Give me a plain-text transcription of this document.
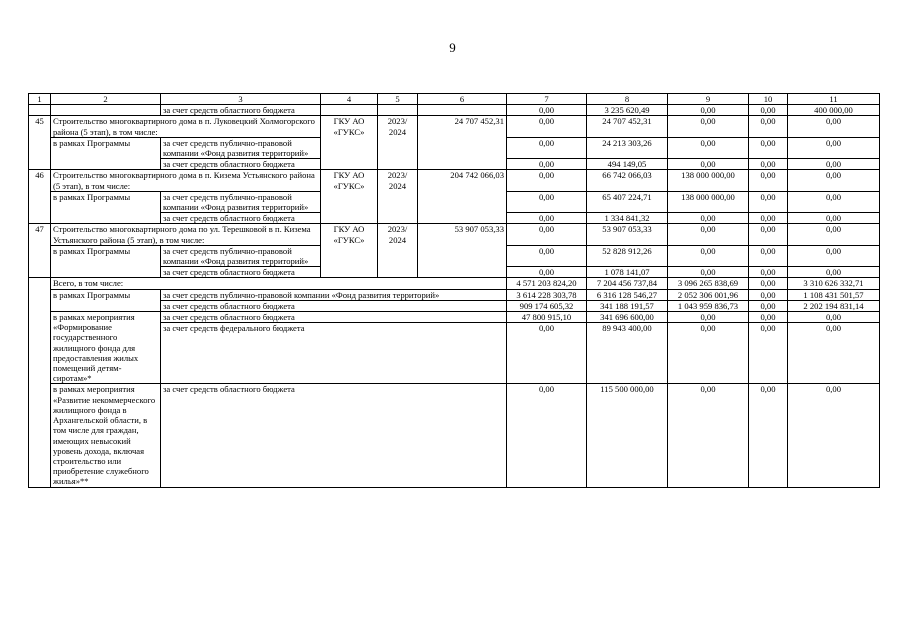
9
1	2	3	4	5	6	7	8	9	10	11
		за счет средств областного бюджета				0,00	3 235 620,49	0,00	0,00	400 000,00
45	Строительство многоквартирного дома в п. Луковецкий Холмогорского района (5 этап), в том числе:		ГКУ АО «ГУКС»	2023/ 2024	24 707 452,31	0,00	24 707 452,31	0,00	0,00	0,00
	в рамках Программы	за счет средств публично-правовой компании «Фонд развития территорий»				0,00	24 213 303,26	0,00	0,00	0,00
		за счет средств областного бюджета				0,00	494 149,05	0,00	0,00	0,00
46	Строительство многоквартирного дома в п. Кизема Устьянского района (5 этап), в том числе:		ГКУ АО «ГУКС»	2023/ 2024	204 742 066,03	0,00	66 742 066,03	138 000 000,00	0,00	0,00
	в рамках Программы	за счет средств публично-правовой компании «Фонд развития территорий»				0,00	65 407 224,71	138 000 000,00	0,00	0,00
		за счет средств областного бюджета				0,00	1 334 841,32	0,00	0,00	0,00
47	Строительство многоквартирного дома по ул. Терешковой в п. Кизема Устьянского района (5 этап), в том числе:		ГКУ АО «ГУКС»	2023/ 2024	53 907 053,33	0,00	53 907 053,33	0,00	0,00	0,00
	в рамках Программы	за счет средств публично-правовой компании «Фонд развития территорий»				0,00	52 828 912,26	0,00	0,00	0,00
		за счет средств областного бюджета				0,00	1 078 141,07	0,00	0,00	0,00
	Всего, в том числе:					4 571 203 824,20	7 204 456 737,84	3 096 265 838,69	0,00	3 310 626 332,71
	в рамках Программы	за счет средств публично-правовой компании «Фонд развития территорий»				3 614 228 303,78	6 316 128 546,27	2 052 306 001,96	0,00	1 108 431 501,57
		за счет средств областного бюджета				909 174 605,32	341 188 191,57	1 043 959 836,73	0,00	2 202 194 831,14
	в рамках мероприятия «Формирование государственного жилищного фонда для предоставления жилых помещений детям-сиротам»*	за счет средств областного бюджета				47 800 915,10	341 696 600,00	0,00	0,00	0,00
		за счет средств федерального бюджета				0,00	89 943 400,00	0,00	0,00	0,00
	в рамках мероприятия «Развитие некоммерческого жилищного фонда в Архангельской области, в том числе для граждан, имеющих невысокий уровень дохода, включая строительство или приобретение служебного жилья»**	за счет средств областного бюджета				0,00	115 500 000,00	0,00	0,00	0,00
